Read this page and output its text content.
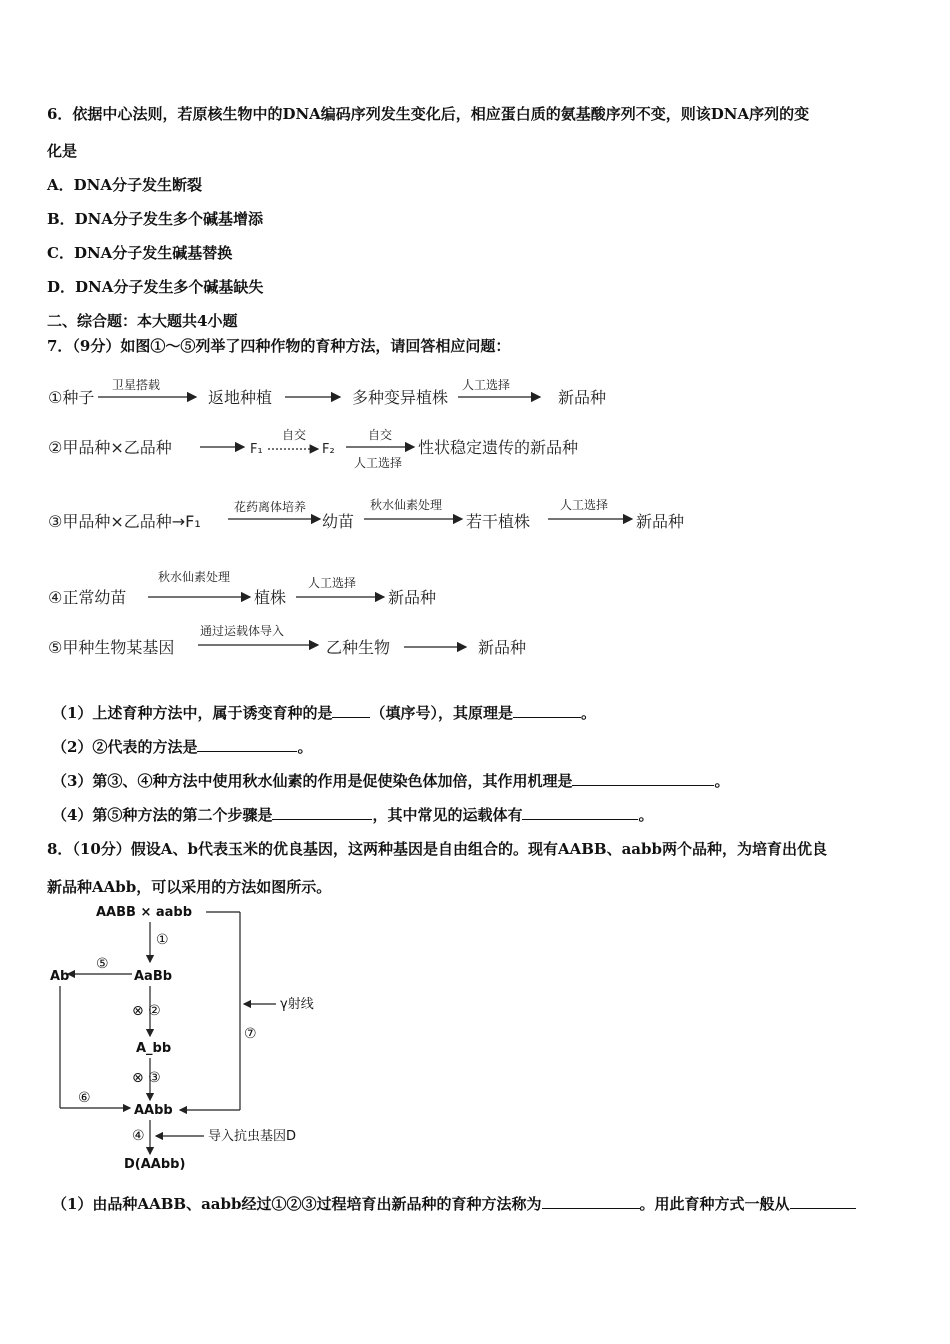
6．依据中心法则，若原核生物中的DNA编码序列发生变化后，相应蛋白质的氨基酸序列不变，则该DNA序列的变
化是
A．DNA分子发生断裂
B．DNA分子发生多个碱基增添
C．DNA分子发生碱基替换
D．DNA分子发生多个碱基缺失
二、综合题：本大题共4小题
7．（9分）如图①～⑤列举了四种作物的育种方法，请回答相应问题：
①种子
卫星搭载
返地种植	多种变异植株
人工选择
新品种
②甲品种×乙品种	F₁
自交
F₂
自交
人工选择
性状稳定遗传的新品种
③甲品种×乙品种→F₁
花药离体培养
幼苗
秋水仙素处理
若干植株
人工选择
新品种
④正常幼苗
秋水仙素处理
植株
人工选择
新品种
⑤甲种生物某基因
通过运载体导入
乙种生物	新品种
（1）上述育种方法中，属于诱变育种的是	（填序号），其原理是	。
（2）②代表的方法是	。
（3）第③、④种方法中使用秋水仙素的作用是促使染色体加倍，其作用机理是	。
（4）第⑤种方法的第二个步骤是	，其中常见的运载体有	。
8．（10分）假设A、b代表玉米的优良基因，这两种基因是自由组合的。现有AABB、aabb两个品种，为培育出优良
新品种AAbb，可以采用的方法如图所示。
AABB × aabb
γ射线
⑦
①
AaBb
⑤
Ab
⑥
⊗ ②
A_bb
⊗ ③
AAbb
④	导入抗虫基因D
D(AAbb)
（1）由品种AABB、aabb经过①②③过程培育出新品种的育种方法称为	。用此育种方式一般从
